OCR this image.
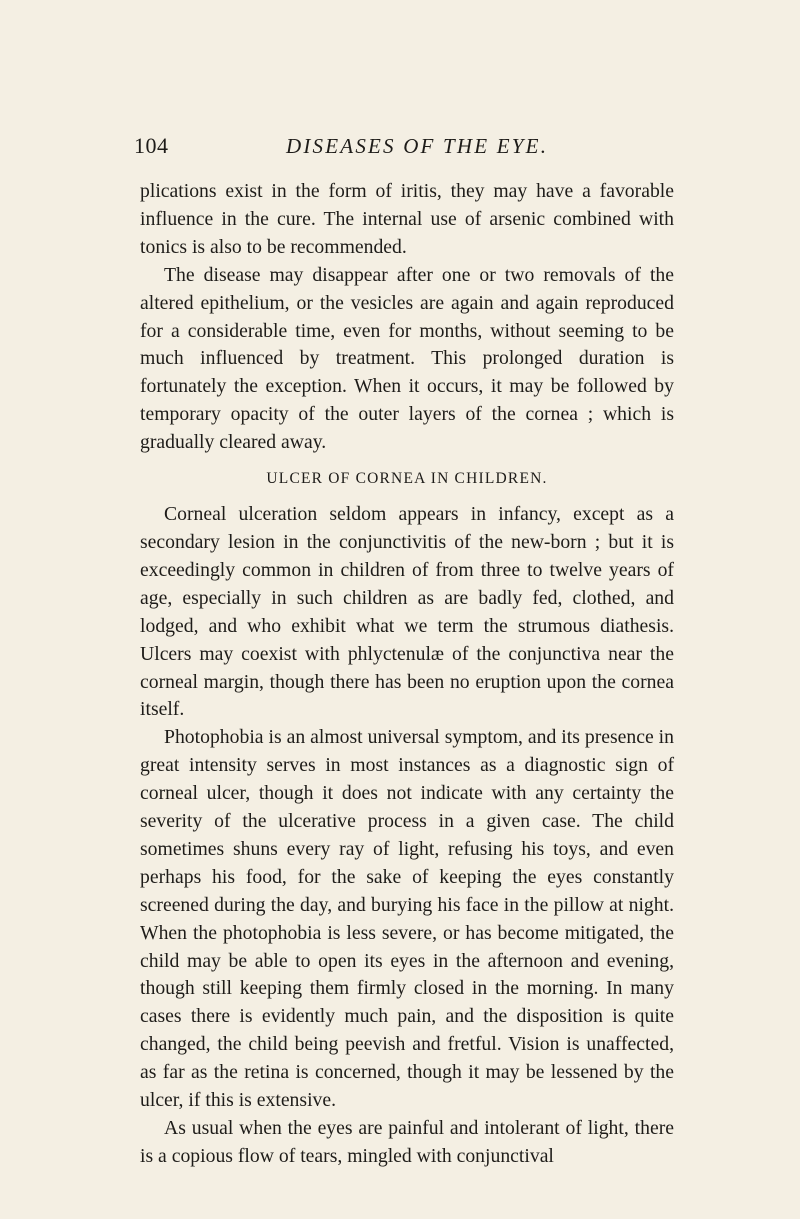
104	DISEASES OF THE EYE.

plications exist in the form of iritis, they may have a favorable influence in the cure. The internal use of arsenic combined with tonics is also to be recommended.

The disease may disappear after one or two removals of the altered epithelium, or the vesicles are again and again reproduced for a considerable time, even for months, without seeming to be much influenced by treatment. This prolonged duration is fortunately the exception. When it occurs, it may be followed by temporary opacity of the outer layers of the cornea ; which is gradually cleared away.

ULCER OF CORNEA IN CHILDREN.

Corneal ulceration seldom appears in infancy, except as a secondary lesion in the conjunctivitis of the new-born ; but it is exceedingly common in children of from three to twelve years of age, especially in such children as are badly fed, clothed, and lodged, and who exhibit what we term the strumous diathesis. Ulcers may coexist with phlyctenulæ of the conjunctiva near the corneal margin, though there has been no eruption upon the cornea itself.

Photophobia is an almost universal symptom, and its presence in great intensity serves in most instances as a diagnostic sign of corneal ulcer, though it does not indicate with any certainty the severity of the ulcerative process in a given case. The child sometimes shuns every ray of light, refusing his toys, and even perhaps his food, for the sake of keeping the eyes constantly screened during the day, and burying his face in the pillow at night. When the photophobia is less severe, or has become mitigated, the child may be able to open its eyes in the afternoon and evening, though still keeping them firmly closed in the morning. In many cases there is evidently much pain, and the disposition is quite changed, the child being peevish and fretful. Vision is unaffected, as far as the retina is concerned, though it may be lessened by the ulcer, if this is extensive.

As usual when the eyes are painful and intolerant of light, there is a copious flow of tears, mingled with conjunctival
